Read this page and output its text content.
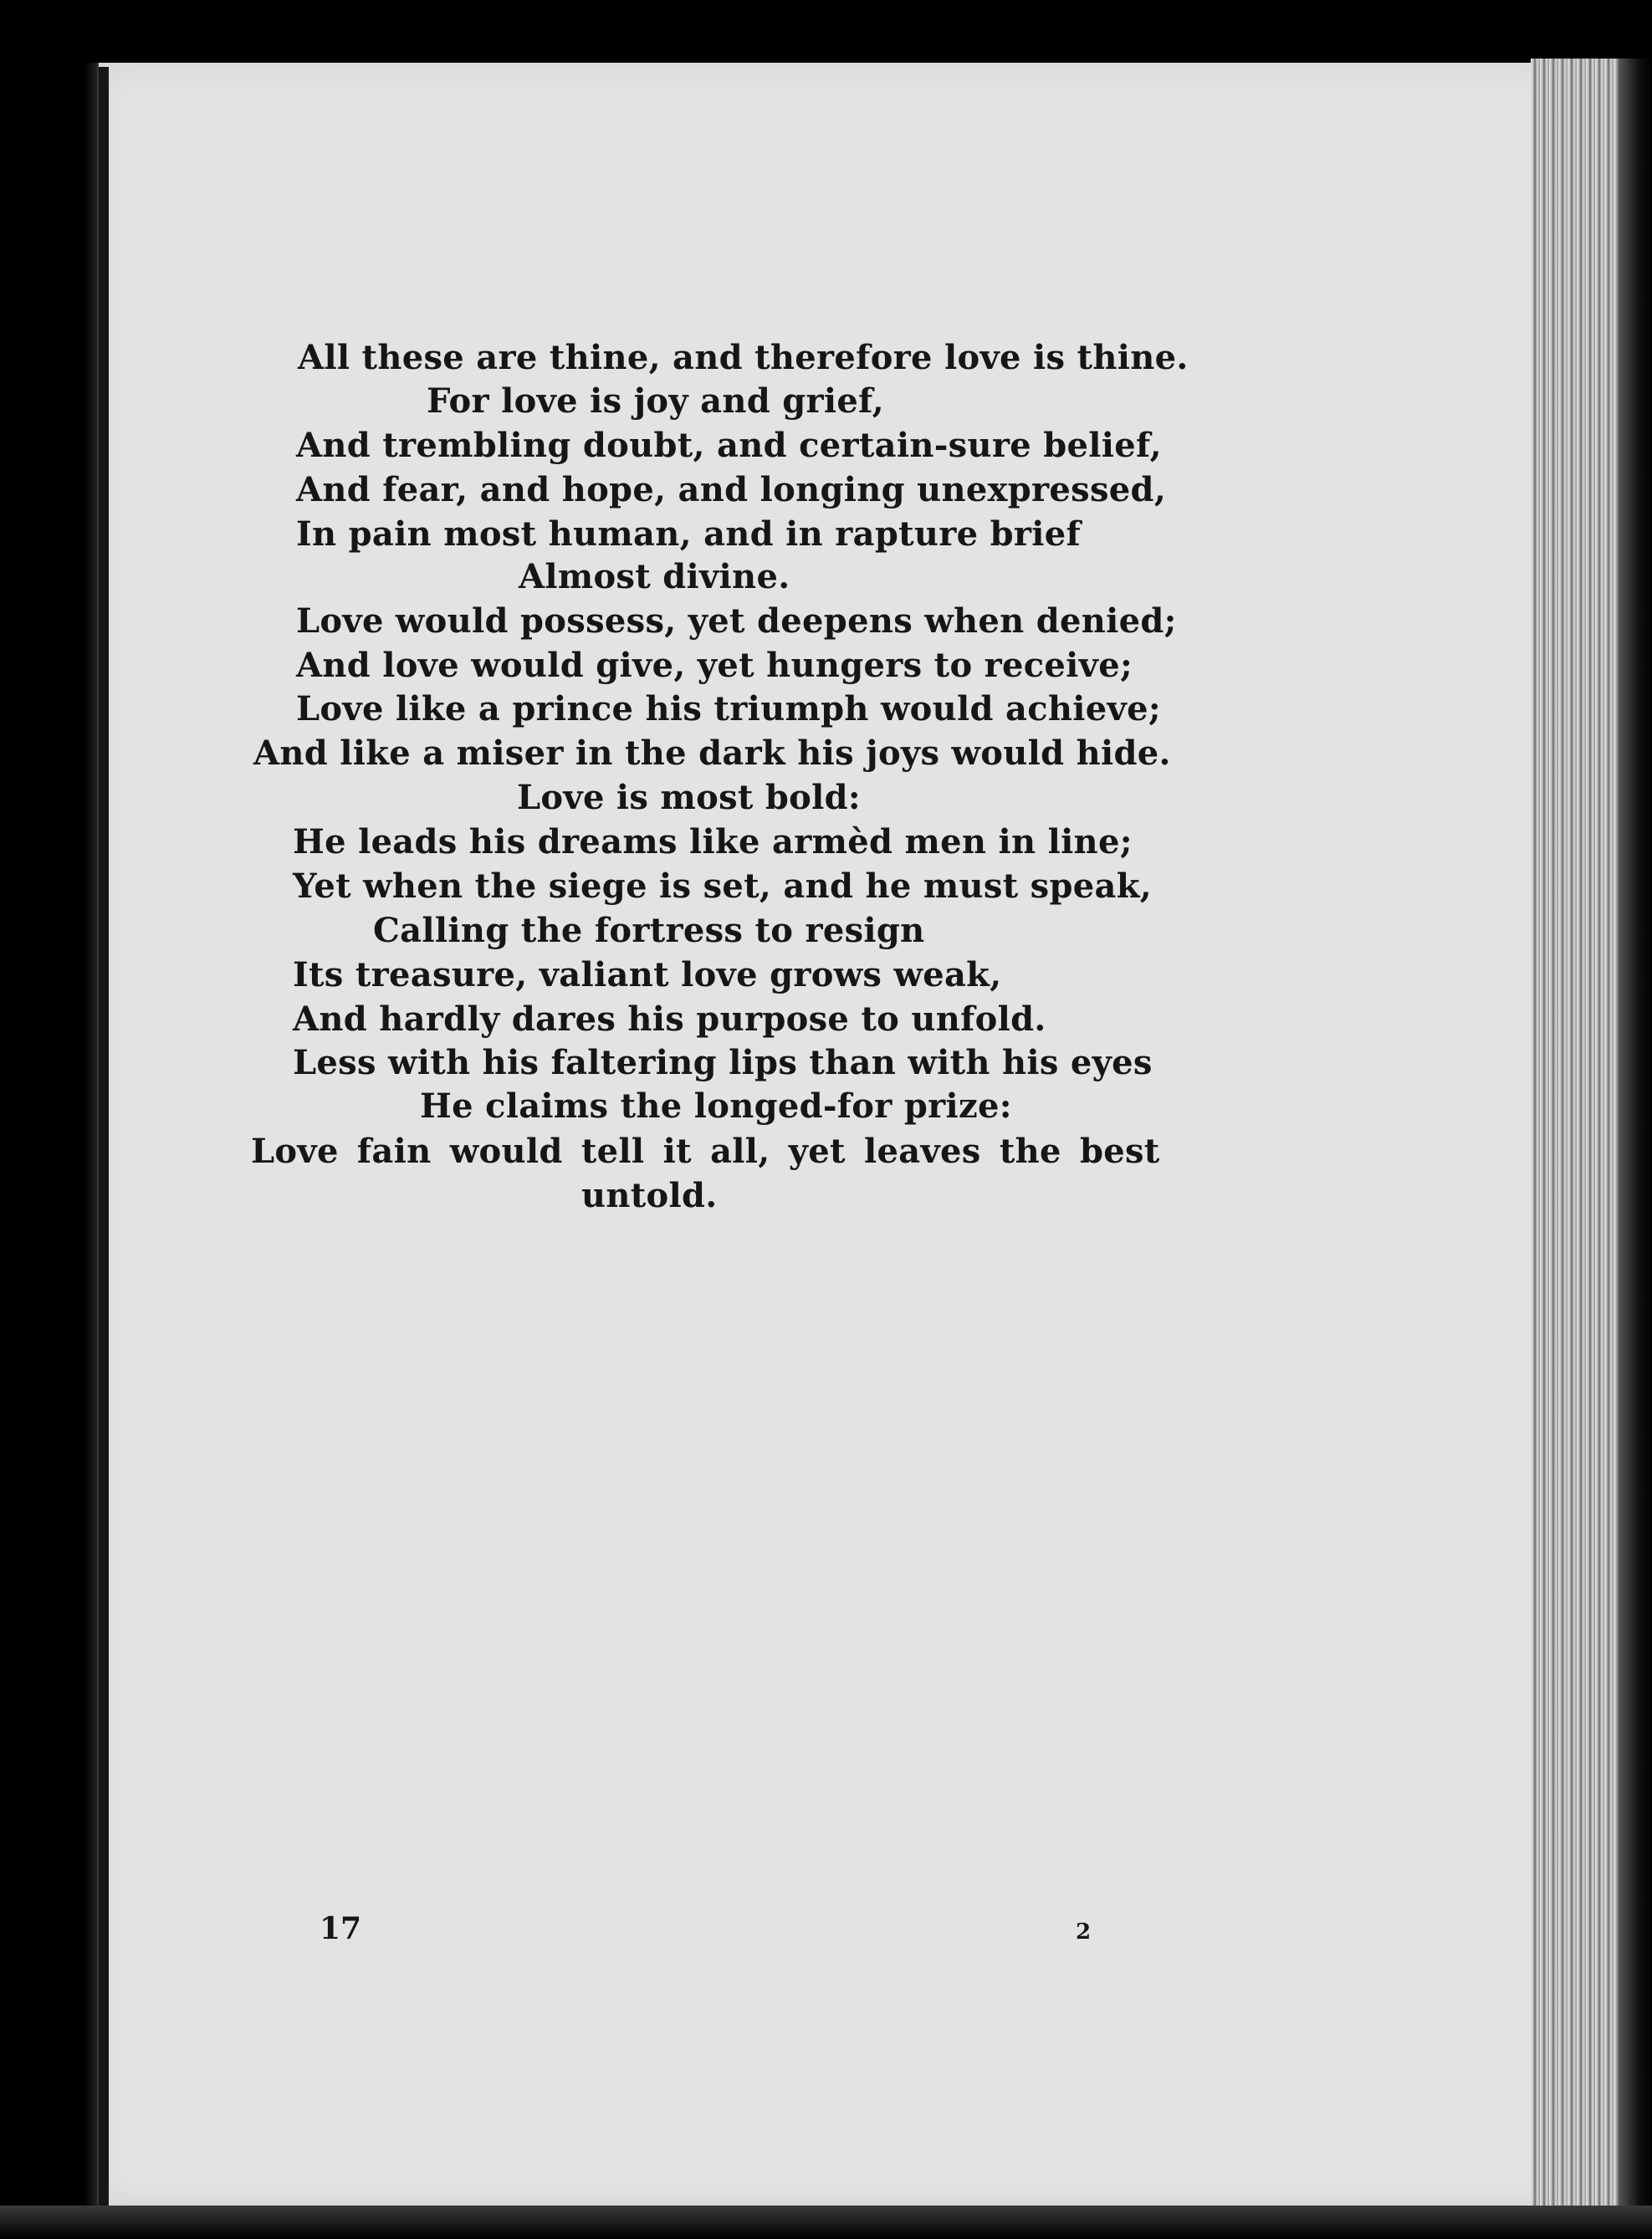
All these are thine, and therefore love is thine.
For love is joy and grief,
And trembling doubt, and certain-sure belief,
And fear, and hope, and longing unexpressed,
In pain most human, and in rapture brief
Almost divine.
Love would possess, yet deepens when denied;
And love would give, yet hungers to receive;
Love like a prince his triumph would achieve;
And like a miser in the dark his joys would hide.
Love is most bold:
He leads his dreams like armèd men in line;
Yet when the siege is set, and he must speak,
Calling the fortress to resign
Its treasure, valiant love grows weak,
And hardly dares his purpose to unfold.
Less with his faltering lips than with his eyes
He claims the longed-for prize:
Love fain would tell it all, yet leaves the best
untold.
17	2
